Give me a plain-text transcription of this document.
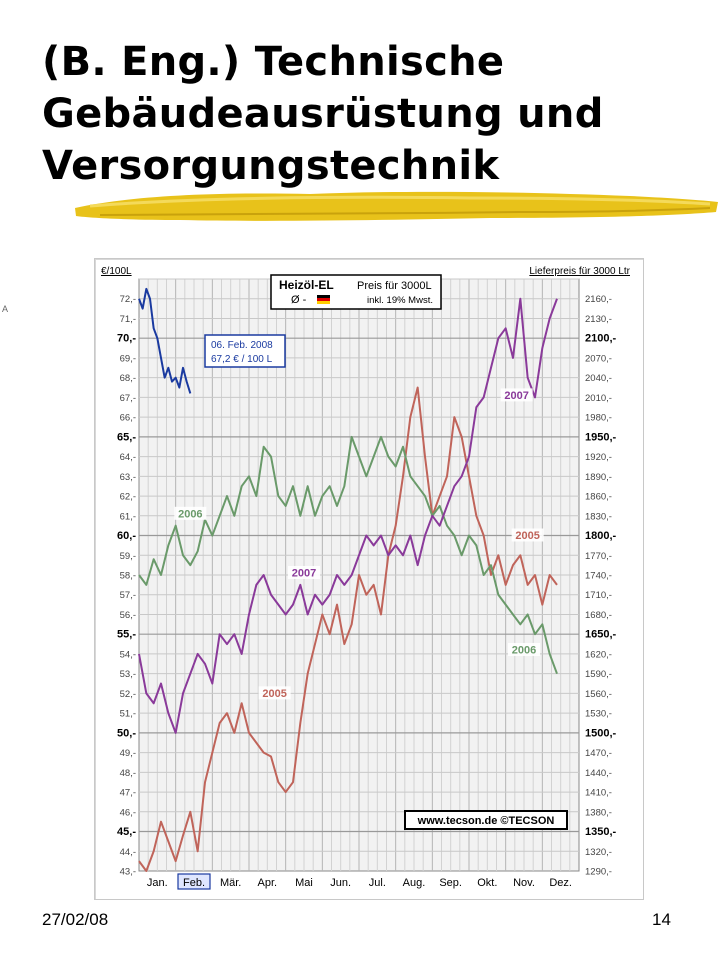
(B. Eng.) Technische
Gebäudeausrüstung und
Versorgungstechnik
A
43,-	1290,-
44,-	1320,-
45,-	1350,-
46,-	1380,-
47,-	1410,-
48,-	1440,-
49,-	1470,-
50,-	1500,-
51,-	1530,-
52,-	1560,-
53,-	1590,-
54,-	1620,-
55,-	1650,-
56,-	1680,-
57,-	1710,-
58,-	1740,-
59,-	1770,-
60,-	1800,-
61,-	1830,-
62,-	1860,-
63,-	1890,-
64,-	1920,-
65,-	1950,-
66,-	1980,-
67,-	2010,-
68,-	2040,-
69,-	2070,-
70,-	2100,-
71,-	2130,-
72,-	2160,-
€/100L	Lieferpreis für 3000 Ltr
Jan. Feb. Mär. Apr. Mai Jun. Jul. Aug. Sep. Okt. Nov. Dez.
2005
2005
2006
2006
2007
2007
Heizöl-EL
Ø -
Preis für 3000L
inkl. 19% Mwst.
06. Feb. 2008
67,2 € / 100 L
www.tecson.de ©TECSON
27/02/08	14
